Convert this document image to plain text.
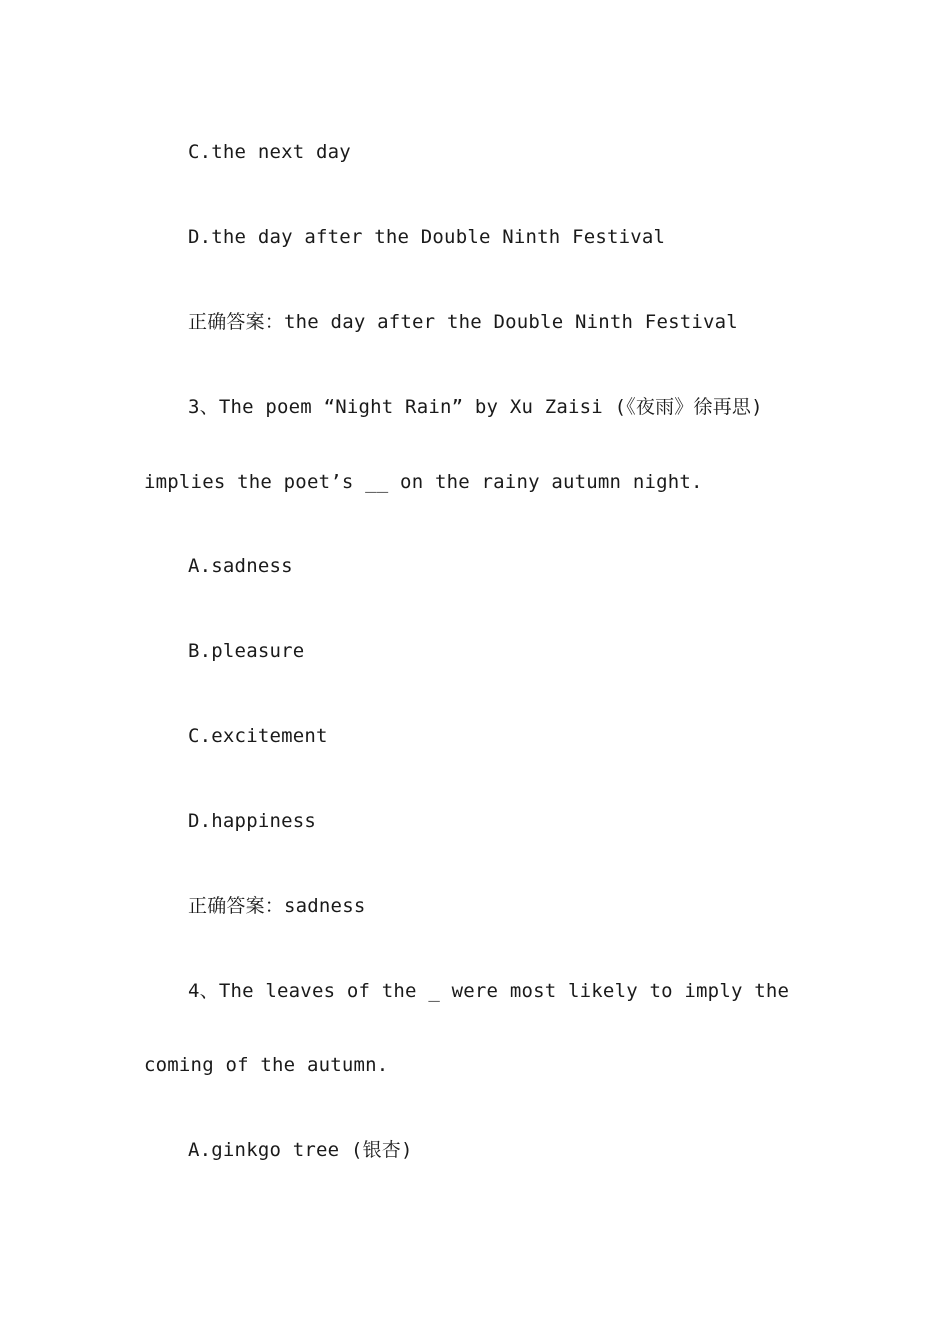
C.the next day
D.the day after the Double Ninth Festival
正确答案：the day after the Double Ninth Festival
3、The poem “Night Rain” by Xu Zaisi (《夜雨》徐再思)
implies the poet’s __ on the rainy autumn night.
A.sadness
B.pleasure
C.excitement
D.happiness
正确答案：sadness
4、The leaves of the _ were most likely to imply the
coming of the autumn.
A.ginkgo tree (银杏)
